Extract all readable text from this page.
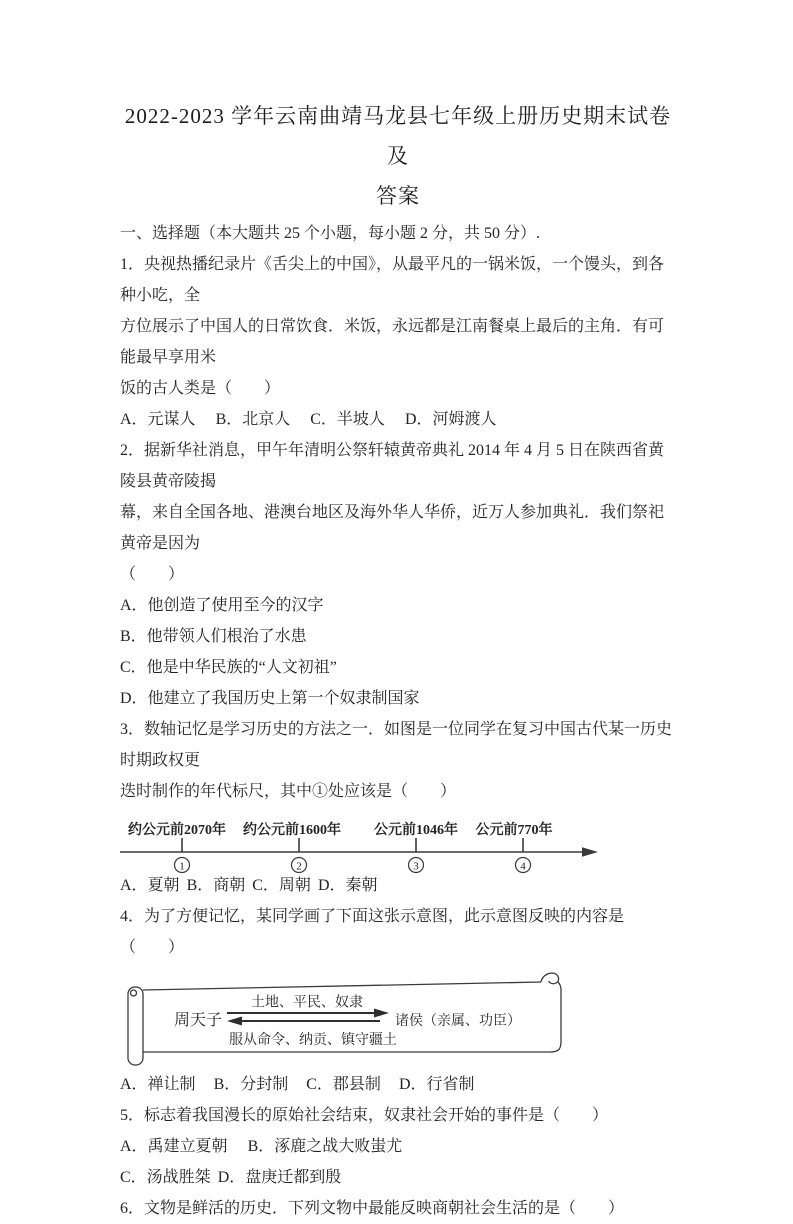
2022-2023 学年云南曲靖马龙县七年级上册历史期末试卷及
答案
一、选择题（本大题共 25 个小题，每小题 2 分，共 50 分）.
1．央视热播纪录片《舌尖上的中国》，从最平凡的一锅米饭，一个馒头，到各种小吃，全
方位展示了中国人的日常饮食．米饭，永远都是江南餐桌上最后的主角．有可能最早享用米
饭的古人类是（　　）
A．元谋人 B．北京人 C．半坡人 D．河姆渡人
2．据新华社消息，甲午年清明公祭轩辕黄帝典礼 2014 年 4 月 5 日在陕西省黄陵县黄帝陵揭
幕，来自全国各地、港澳台地区及海外华人华侨，近万人参加典礼．我们祭祀黄帝是因为
（　　）
A．他创造了使用至今的汉字
B．他带领人们根治了水患
C．他是中华民族的“人文初祖”
D．他建立了我国历史上第一个奴隶制国家
3．数轴记忆是学习历史的方法之一．如图是一位同学在复习中国古代某一历史时期政权更
迭时制作的年代标尺，其中①处应该是（　　）
约公元前2070年 约公元前1600年 公元前1046年 公元前770年
1	2	3	4
A．夏朝 B．商朝 C．周朝 D．秦朝
4．为了方便记忆，某同学画了下面这张示意图，此示意图反映的内容是（　　）
周天子
土地、平民、奴隶
服从命令、纳贡、镇守疆土
诸侯（亲属、功臣）
A．禅让制 B．分封制 C．郡县制 D．行省制
5．标志着我国漫长的原始社会结束，奴隶社会开始的事件是（　　）
A．禹建立夏朝 B．涿鹿之战大败蚩尤
C．汤战胜桀 D．盘庚迁都到殷
6．文物是鲜活的历史．下列文物中最能反映商朝社会生活的是（　　）
